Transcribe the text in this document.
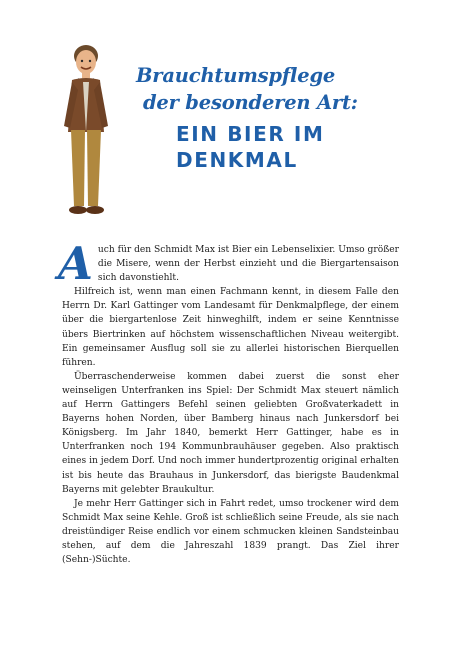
Brauchtumspflege
der besonderen Art:
EIN BIER IM
DENKMAL

Auch für den Schmidt Max ist Bier ein Lebenselixier. Umso größer die Misere, wenn der Herbst einzieht und die Biergartensaison sich davonstiehlt.

Hilfreich ist, wenn man einen Fachmann kennt, in diesem Falle den Herrn Dr. Karl Gattinger vom Landesamt für Denkmalpflege, der einem über die biergartenlose Zeit hinweghilft, indem er seine Kenntnisse übers Biertrinken auf höchstem wissenschaftlichen Niveau weitergibt. Ein gemeinsamer Ausflug soll sie zu allerlei historischen Bierquellen führen.

Überraschenderweise kommen dabei zuerst die sonst eher weinseligen Unterfranken ins Spiel: Der Schmidt Max steuert nämlich auf Herrn Gattingers Befehl seinen geliebten Großvaterkadett in Bayerns hohen Norden, über Bamberg hinaus nach Junkersdorf bei Königsberg. Im Jahr 1840, bemerkt Herr Gattinger, habe es in Unterfranken noch 194 Kommunbrauhäuser gegeben. Also praktisch eines in jedem Dorf. Und noch immer hundertprozentig original erhalten ist bis heute das Brauhaus in Junkersdorf, das bierigste Baudenkmal Bayerns mit gelebter Braukultur.

Je mehr Herr Gattinger sich in Fahrt redet, umso trockener wird dem Schmidt Max seine Kehle. Groß ist schließlich seine Freude, als sie nach dreistündiger Reise endlich vor einem schmucken kleinen Sandsteinbau stehen, auf dem die Jahreszahl 1839 prangt. Das Ziel ihrer (Sehn-)Süchte.
